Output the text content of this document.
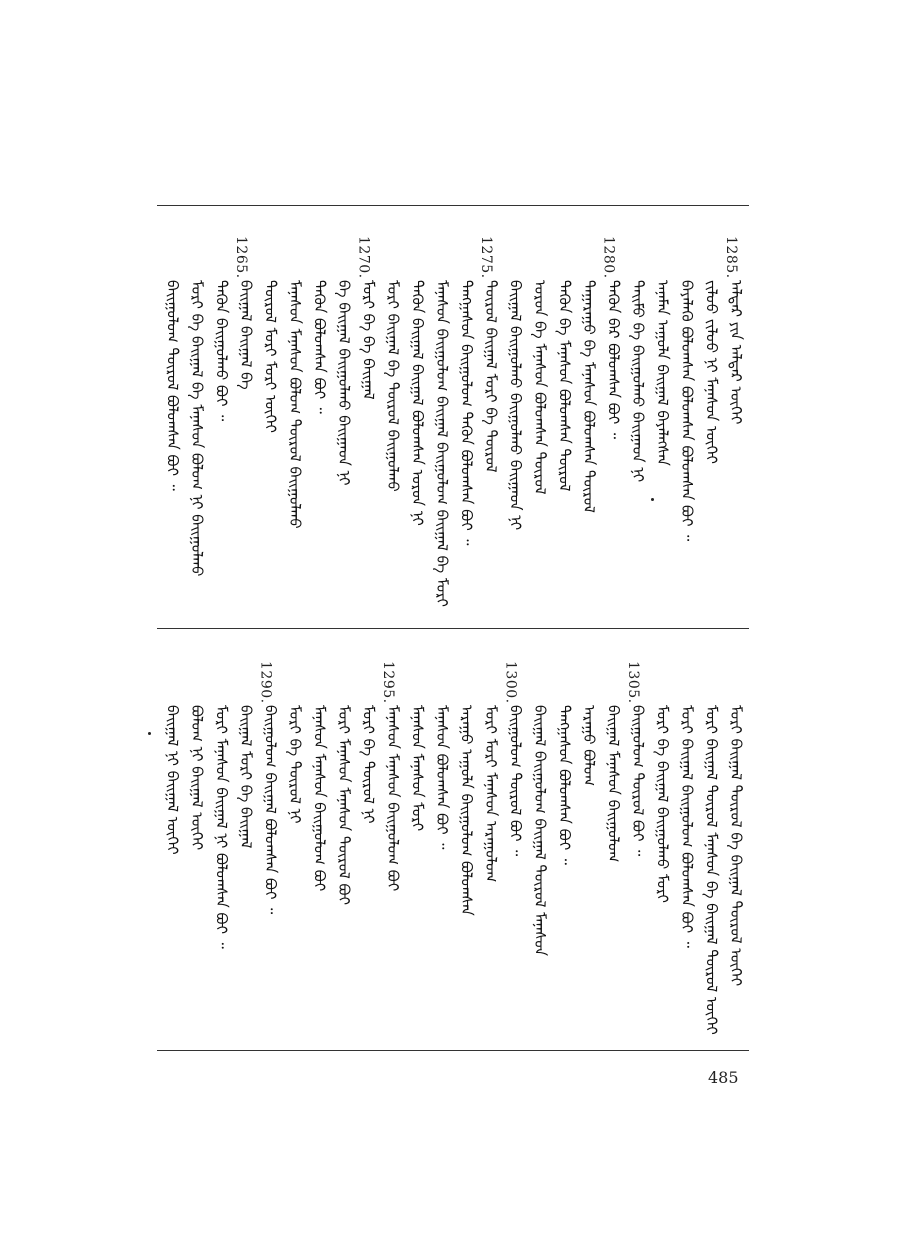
1285.
ᠠᠯᠳᠠᠷ ᠶᠢᠨ ᠠᠯᠳᠠᠷ ᠦᠭᠡᠢ
ᠵᠢᠯᠤᠣ ᠵᠢᠯᠤᠣ ᠨᠢ ᠮᠠᠨᠠᠰᠤᠨ ᠦᠭᠡᠢ
ᠪᠡᠶᠡᠯᠡᠬᠦ ᠪᠣᠯᠤᠭᠰᠠᠨ ᠪᠣᠯᠤᠭᠰᠠᠨ ᠪᠣᠯᠤᠭᠰᠠᠨ ᠪᠤᠢ ᠃
ᠠᠨᠠᠮᠠᠨ ᠠᠭᠤᠯᠠ ᠪᠠᠢᠭᠠᠯ ᠪᠡᠶᠡᠯᠡᠭᠰᠡᠨ
ᠲᠡᠢᠮᠦ ᠪᠡ ᠪᠠᠢᠭᠤᠯᠬᠤ ᠪᠠᠢᠭᠠᠳ ᠨᠢ
1280.
ᠲᠡᠭᠦᠨ ᠪᠡᠷ ᠪᠣᠯᠤᠭᠰᠠᠨ ᠪᠤᠢ ᠃
ᠲᠠᠭᠠᠷᠠᠭᠤ ᠪᠡ ᠮᠠᠨᠠᠰᠤᠨ ᠪᠣᠯᠤᠭᠰᠠᠨ ᠲᠦᠷᠦᠯ
ᠲᠡᠭᠦᠨ ᠪᠡ ᠮᠠᠨᠠᠰᠤᠨ ᠪᠣᠯᠤᠭᠰᠠᠨ ᠲᠦᠷᠦᠯ
ᠣᠷᠣᠨ ᠪᠡ ᠮᠠᠨᠠᠰᠤᠨ ᠪᠣᠯᠤᠭᠰᠠᠨ ᠲᠦᠷᠦᠯ
ᠪᠠᠢᠭᠠᠯ ᠪᠠᠢᠭᠤᠯᠬᠤ ᠪᠠᠢᠭᠤᠯᠬᠤ ᠪᠠᠢᠭᠠᠳ ᠨᠢ
1275.
ᠲᠦᠷᠦᠯ ᠪᠠᠢᠭᠠᠯ ᠮᠣᠷᠢ ᠪᠠ ᠲᠦᠷᠦᠯ
ᠲᠠᠩᠭᠠᠰᠤᠨ ᠪᠠᠢᠭᠤᠯᠤᠭ ᠲᠡᠭᠦᠨ ᠪᠣᠯᠤᠭᠰᠠᠨ ᠪᠤᠢ ᠃
ᠮᠠᠨᠠᠰᠤᠨ ᠪᠠᠢᠭᠤᠯᠤᠭ ᠪᠠᠢᠭᠠᠯ ᠪᠠᠢᠭᠤᠯᠤᠭ ᠪᠠᠢᠭᠠᠯ ᠪᠠ ᠮᠣᠷᠢ
ᠲᠡᠭᠦᠨ ᠪᠠᠢᠭᠠᠯ ᠪᠠᠢᠭᠠᠯ ᠪᠣᠯᠤᠭᠰᠠᠨ ᠣᠷᠣᠨ ᠨᠢ
ᠮᠣᠷᠢ ᠪᠠᠢᠭᠠᠯ ᠪᠠ ᠲᠦᠷᠦᠯ ᠪᠠᠢᠭᠤᠯᠬᠤ
1270.
ᠮᠣᠷᠢ ᠪᠡ ᠪᠡ ᠪᠠᠢᠭᠠᠯ
ᠪᠡ ᠪᠠᠢᠭᠠᠯ ᠪᠠᠢᠭᠤᠯᠬᠤ ᠪᠠᠢᠭᠠᠳ ᠨᠢ
ᠲᠡᠭᠦᠨ ᠪᠣᠯᠤᠭᠰᠠᠨ ᠪᠤᠢ ᠃
ᠮᠠᠨᠠᠰᠤᠨ ᠮᠠᠨᠠᠰᠤᠨ ᠪᠣᠯᠤᠭ ᠲᠦᠷᠦᠯ ᠪᠠᠢᠭᠤᠯᠬᠤ
ᠲᠦᠷᠦᠯ ᠮᠣᠷᠢ ᠮᠣᠷᠢ ᠦᠭᠡᠢ
1265.
ᠪᠠᠢᠭᠠᠯ ᠪᠠᠢᠭᠠᠯ ᠪᠡ
ᠲᠡᠭᠦᠨ ᠪᠠᠢᠭᠤᠯᠬᠤ ᠪᠤᠢ ᠃
ᠮᠣᠷᠢ ᠪᠡ ᠪᠠᠢᠭᠠᠯ ᠪᠡ ᠮᠠᠨᠠᠰᠤᠨ ᠪᠣᠯᠤᠭ ᠨᠢ ᠪᠠᠢᠭᠤᠯᠬᠤ
ᠪᠠᠢᠭᠤᠯᠤᠭ ᠲᠦᠷᠦᠯ ᠪᠣᠯᠤᠭᠰᠠᠨ ᠪᠤᠢ ᠃
ᠮᠣᠷᠢ ᠪᠠᠢᠭᠠᠯ ᠲᠦᠷᠦᠯ ᠪᠡ ᠪᠠᠢᠭᠠᠯ ᠲᠦᠷᠦᠯ ᠦᠭᠡᠢ
ᠮᠣᠷᠢ ᠪᠠᠢᠭᠠᠯ ᠲᠦᠷᠦᠯ ᠮᠠᠨᠠᠰᠤᠨ ᠪᠡ ᠪᠠᠢᠭᠠᠯ ᠲᠦᠷᠦᠯ ᠦᠭᠡᠢ
ᠮᠣᠷᠢ ᠪᠠᠢᠭᠠᠯ ᠪᠠᠢᠭᠤᠯᠤᠭ ᠪᠣᠯᠤᠭᠰᠠᠨ ᠪᠤᠢ ᠃
ᠮᠣᠷᠢ ᠪᠡ ᠪᠠᠢᠭᠠᠯ ᠪᠠᠢᠭᠤᠯᠬᠤ ᠮᠣᠷᠢ
1305.
ᠪᠠᠢᠭᠤᠯᠤᠭ ᠲᠦᠷᠦᠯ ᠪᠤᠢ ᠃
ᠪᠠᠢᠭᠠᠯ ᠮᠠᠨᠠᠰᠤᠨ ᠪᠠᠢᠭᠤᠯᠤᠭ
ᠠᠷᠠᠭᠤ ᠪᠣᠯᠤᠭ
ᠲᠠᠩᠭᠠᠰᠤᠨ ᠪᠣᠯᠤᠭᠰᠠᠨ ᠪᠤᠢ ᠃
ᠪᠠᠢᠭᠠᠯ ᠪᠠᠢᠭᠤᠯᠤᠭ ᠪᠠᠢᠭᠠᠯ ᠲᠦᠷᠦᠯ ᠮᠠᠨᠠᠰᠤᠨ
1300.
ᠪᠠᠢᠭᠤᠯᠤᠭ ᠲᠦᠷᠦᠯ ᠪᠤᠢ ᠃
ᠮᠣᠷᠢ ᠮᠣᠷᠢ ᠮᠠᠨᠠᠰᠤᠨ ᠠᠷᠠᠭᠤᠯᠤᠭ
ᠠᠷᠠᠭᠤ ᠠᠭᠤᠯᠠ ᠪᠠᠢᠭᠤᠯᠤᠭ ᠪᠣᠯᠤᠭᠰᠠᠨ
ᠮᠠᠨᠠᠰᠤᠨ ᠪᠣᠯᠤᠭᠰᠠᠨ ᠪᠤᠢ ᠃
ᠮᠠᠨᠠᠰᠤᠨ ᠮᠠᠨᠠᠰᠤᠨ ᠮᠣᠷᠢ
1295.
ᠮᠠᠨᠠᠰᠤᠨ ᠮᠠᠨᠠᠰᠤᠨ ᠪᠠᠢᠭᠤᠯᠤᠭ ᠪᠤᠢ
ᠮᠣᠷᠢ ᠪᠡ ᠲᠦᠷᠦᠯ ᠨᠢ
ᠮᠣᠷᠢ ᠮᠠᠨᠠᠰᠤᠨ ᠮᠠᠨᠠᠰᠤᠨ ᠲᠦᠷᠦᠯ ᠪᠤᠢ
ᠮᠠᠨᠠᠰᠤᠨ ᠮᠠᠨᠠᠰᠤᠨ ᠪᠠᠢᠭᠤᠯᠤᠭ ᠪᠤᠢ
ᠮᠣᠷᠢ ᠪᠡ ᠲᠦᠷᠦᠯ ᠨᠢ
1290.
ᠪᠠᠢᠭᠤᠯᠤᠭ ᠪᠠᠢᠭᠠᠯ ᠪᠣᠯᠤᠭᠰᠠᠨ ᠪᠤᠢ ᠃
ᠪᠠᠢᠭᠠᠯ ᠮᠣᠷᠢ ᠪᠡ ᠪᠠᠢᠭᠠᠯ
ᠮᠣᠷᠢ ᠮᠠᠨᠠᠰᠤᠨ ᠪᠠᠢᠭᠠᠯ ᠨᠢ ᠪᠣᠯᠤᠭᠰᠠᠨ ᠪᠤᠢ ᠃
ᠪᠣᠯᠤᠭ ᠨᠢ ᠪᠠᠢᠭᠠᠯ ᠦᠭᠡᠢ
ᠪᠠᠢᠭᠠᠯ ᠨᠢ ᠪᠠᠢᠭᠠᠯ ᠦᠭᠡᠢ
485
